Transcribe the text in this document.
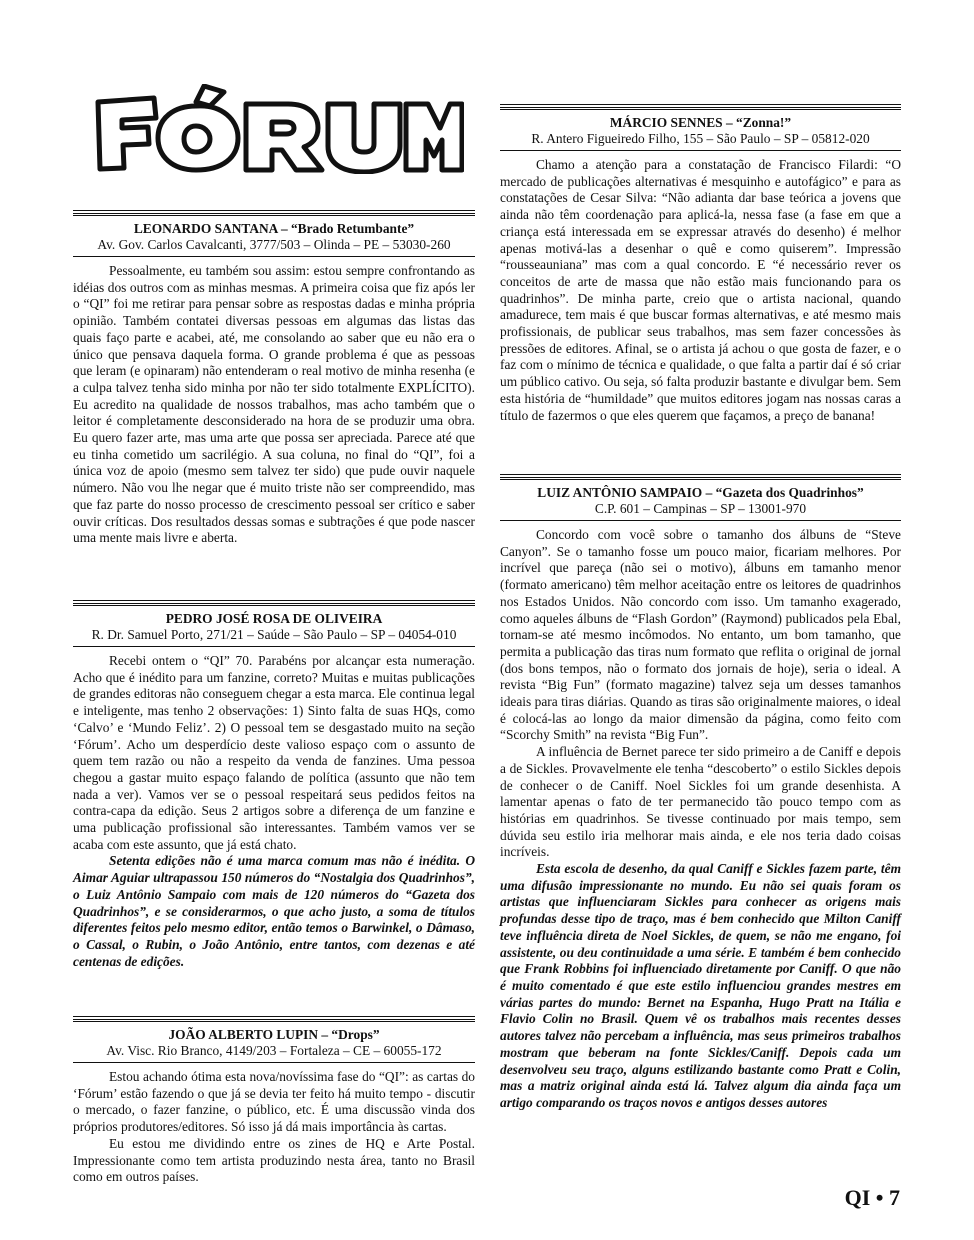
LEONARDO SANTANA – “Brado Retumbante”
Av. Gov. Carlos Cavalcanti, 3777/503 – Olinda – PE – 53030-260

Pessoalmente, eu também sou assim: estou sempre confrontando as idéias dos outros com as minhas mesmas. A primeira coisa que fiz após ler o “QI” foi me retirar para pensar sobre as respostas dadas e minha própria opinião. Também contatei diversas pessoas em algumas das listas das quais faço parte e acabei, até, me consolando ao saber que eu não era o único que pensava daquela forma. O grande problema é que as pessoas que leram (e opinaram) não entenderam o real motivo de minha resenha (e a culpa talvez tenha sido minha por não ter sido totalmente EXPLÍCITO). Eu acredito na qualidade de nossos trabalhos, mas acho também que o leitor é completamente desconsiderado na hora de se produzir uma obra. Eu quero fazer arte, mas uma arte que possa ser apreciada. Parece até que eu tinha cometido um sacrilégio. A sua coluna, no final do “QI”, foi a única voz de apoio (mesmo sem talvez ter sido) que pude ouvir naquele número. Não vou lhe negar que é muito triste não ser compreendido, mas que faz parte do nosso processo de crescimento pessoal ser crítico e saber ouvir críticas. Dos resultados dessas somas e subtrações é que pode nascer uma mente mais livre e aberta.

PEDRO JOSÉ ROSA DE OLIVEIRA
R. Dr. Samuel Porto, 271/21 – Saúde – São Paulo – SP – 04054-010

Recebi ontem o “QI” 70. Parabéns por alcançar esta numeração. Acho que é inédito para um fanzine, correto? Muitas e muitas publicações de grandes editoras não conseguem chegar a esta marca. Ele continua legal e inteligente, mas tenho 2 observações: 1) Sinto falta de suas HQs, como ‘Calvo’ e ‘Mundo Feliz’. 2) O pessoal tem se desgastado muito na seção ‘Fórum’. Acho um desperdício deste valioso espaço com o assunto de quem tem razão ou não a respeito da venda de fanzines. Uma pessoa chegou a gastar muito espaço falando de política (assunto que não tem nada a ver). Vamos ver se o pessoal respeitará seus pedidos feitos na contra-capa da edição. Seus 2 artigos sobre a diferença de um fanzine e uma publicação profissional são interessantes. Também vamos ver se acaba com este assunto, que já está chato.

Setenta edições não é uma marca comum mas não é inédita. O Aimar Aguiar ultrapassou 150 números do “Nostalgia dos Quadrinhos”, o Luiz Antônio Sampaio com mais de 120 números do “Gazeta dos Quadrinhos”, e se considerarmos, o que acho justo, a soma de títulos diferentes feitos pelo mesmo editor, então temos o Barwinkel, o Dâmaso, o Cassal, o Rubin, o João Antônio, entre tantos, com dezenas e até centenas de edições.

JOÃO ALBERTO LUPIN – “Drops”
Av. Visc. Rio Branco, 4149/203 – Fortaleza – CE – 60055-172

Estou achando ótima esta nova/novíssima fase do “QI”: as cartas do ‘Fórum’ estão fazendo o que já se devia ter feito há muito tempo - discutir o mercado, o fazer fanzine, o público, etc. É uma discussão vinda dos próprios produtores/editores. Só isso já dá mais importância às cartas.

Eu estou me dividindo entre os zines de HQ e Arte Postal. Impressionante como tem artista produzindo nesta área, tanto no Brasil como em outros países.

MÁRCIO SENNES – “Zonna!”
R. Antero Figueiredo Filho, 155 – São Paulo – SP – 05812-020

Chamo a atenção para a constatação de Francisco Filardi: “O mercado de publicações alternativas é mesquinho e autofágico” e para as constatações de Cesar Silva: “Não adianta dar base teórica a jovens que ainda não têm coordenação para aplicá-la, nessa fase (a fase em que a criança está interessada em se expressar através do desenho) é melhor apenas motivá-las a desenhar o quê e como quiserem”. Impressão “rousseauniana” mas com a qual concordo. E “é necessário rever os conceitos de arte de massa que não estão mais funcionando para os quadrinhos”. De minha parte, creio que o artista nacional, quando amadurece, tem mais é que buscar formas alternativas, e até mesmo mais profissionais, de publicar seus trabalhos, mas sem fazer concessões às pressões de editores. Afinal, se o artista já achou o que gosta de fazer, e o faz com o mínimo de técnica e qualidade, o que falta a partir daí é só criar um público cativo. Ou seja, só falta produzir bastante e divulgar bem. Sem esta história de “humildade” que muitos editores jogam nas nossas caras a título de fazermos o que eles querem que façamos, a preço de banana!

LUIZ ANTÔNIO SAMPAIO – “Gazeta dos Quadrinhos”
C.P. 601 – Campinas – SP – 13001-970

Concordo com você sobre o tamanho dos álbuns de “Steve Canyon”. Se o tamanho fosse um pouco maior, ficariam melhores. Por incrível que pareça (não sei o motivo), álbuns em tamanho menor (formato americano) têm melhor aceitação entre os leitores de quadrinhos nos Estados Unidos. Não concordo com isso. Um tamanho exagerado, como aqueles álbuns de “Flash Gordon” (Raymond) publicados pela Ebal, tornam-se até mesmo incômodos. No entanto, um bom tamanho, que permita a publicação das tiras num formato que reflita o original de jornal (dos bons tempos, não o formato dos jornais de hoje), seria o ideal. A revista “Big Fun” (formato magazine) talvez seja um desses tamanhos ideais para tiras diárias. Quando as tiras são originalmente maiores, o ideal é colocá-las ao longo da maior dimensão da página, como feito com “Scorchy Smith” na revista “Big Fun”.

A influência de Bernet parece ter sido primeiro a de Caniff e depois a de Sickles. Provavelmente ele tenha “descoberto” o estilo Sickles depois de conhecer o de Caniff. Noel Sickles foi um grande desenhista. A lamentar apenas o fato de ter permanecido tão pouco tempo com as histórias em quadrinhos. Se tivesse continuado por mais tempo, sem dúvida seu estilo iria melhorar mais ainda, e ele nos teria dado coisas incríveis.

Esta escola de desenho, da qual Caniff e Sickles fazem parte, têm uma difusão impressionante no mundo. Eu não sei quais foram os artistas que influenciaram Sickles para conhecer as origens mais profundas desse tipo de traço, mas é bem conhecido que Milton Caniff teve influência direta de Noel Sickles, de quem, se não me engano, foi assistente, ou deu continuidade a uma série. E também é bem conhecido que Frank Robbins foi influenciado diretamente por Caniff. O que não é muito comentado é que este estilo influenciou grandes mestres em várias partes do mundo: Bernet na Espanha, Hugo Pratt na Itália e Flavio Colin no Brasil. Quem vê os trabalhos mais recentes desses autores talvez não percebam a influência, mas seus primeiros trabalhos mostram que beberam na fonte Sickles/Caniff. Depois cada um desenvolveu seu traço, alguns estilizando bastante como Pratt e Colin, mas a matriz original ainda está lá. Talvez algum dia ainda faça um artigo comparando os traços novos e antigos desses autores

QI • 7
